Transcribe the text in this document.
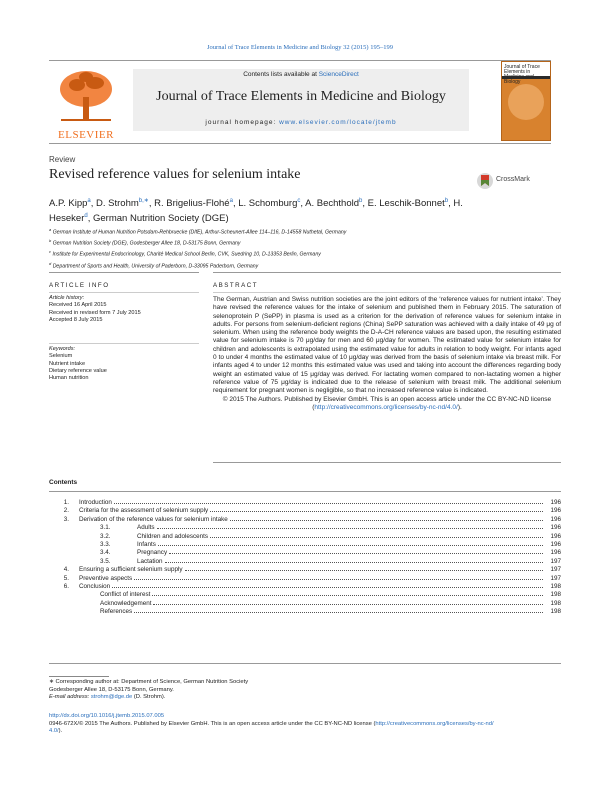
Journal of Trace Elements in Medicine and Biology 32 (2015) 195–199
ELSEVIER
Contents lists available at ScienceDirect
Journal of Trace Elements in Medicine and Biology
journal homepage: www.elsevier.com/locate/jtemb
Journal of Trace Elements in Biology
Review
Revised reference values for selenium intake	CrossMark
A.P. Kipp$^a$, D. Strohm$^{b,∗}$, R. Brigelius-Flohé$^a$, L. Schomburg$^c$, A. Bechthold$^b$, E. Leschik-Bonnet$^b$, H. Heseker$^d$, German Nutrition Society (DGE)
$^a$ German Institute of Human Nutrition Potsdam-Rehbruecke (DIfE), Arthur-Scheunert-Allee 114–116, D-14558 Nuthetal, Germany
$^b$ German Nutrition Society (DGE), Godesberger Allee 18, D-53175 Bonn, Germany
$^c$ Institute for Experimental Endocrinology, Charité Medical School Berlin, CVK, Suedring 10, D-13353 Berlin, Germany
$^d$ Department of Sports and Health, University of Paderborn, D-33095 Paderborn, Germany
ARTICLE INFO	ABSTRACT
Article history:
Received 16 April 2015
Received in revised form 7 July 2015
Accepted 8 July 2015
Keywords:
Selenium
Nutrient intake
Dietary reference value
Human nutrition
The German, Austrian and Swiss nutrition societies are the joint editors of the ‘reference values for nutrient intake’. They have revised the reference values for the intake of selenium and published them in February 2015. The saturation of selenoprotein P (SePP) in plasma is used as a criterion for the derivation of reference values for selenium intake in adults. For persons from selenium-deficient regions (China) SePP saturation was achieved with a daily intake of 49 μg of selenium. When using the reference body weights the D-A-CH reference values are based upon, the resulting estimated value for selenium intake is 70 μg/day for men and 60 μg/day for women. The estimated value for selenium intake for children and adolescents is extrapolated using the estimated value for adults in relation to body weight. For infants aged 0 to under 4 months the estimated value of 10 μg/day was derived from the basis of selenium intake via breast milk. For infants aged 4 to under 12 months this estimated value was used and taking into account the differences regarding body weight an estimated value of 15 μg/day was derived. For lactating women compared to non-lactating women a higher reference value of 75 μg/day is indicated due to the release of selenium with breast milk. The additional selenium requirement for pregnant women is negligible, so that no increased reference value is indicated.
© 2015 The Authors. Published by Elsevier GmbH. This is an open access article under the CC BY-NC-ND license (http://creativecommons.org/licenses/by-nc-nd/4.0/).
Contents
1.	Introduction	196
2.	Criteria for the assessment of selenium supply	196
3.	Derivation of the reference values for selenium intake	196
3.1.	Adults	196
3.2.	Children and adolescents	196
3.3.	Infants	196
3.4.	Pregnancy	196
3.5.	Lactation	197
4.	Ensuring a sufficient selenium supply	197
5.	Preventive aspects	197
6.	Conclusion	198
Conflict of interest	198
Acknowledgement	198
References	198
∗ Corresponding author at: Department of Science, German Nutrition Society
Godesberger Allee 18, D-53175 Bonn, Germany.
E-mail address: strohm@dge.de (D. Strohm).
http://dx.doi.org/10.1016/j.jtemb.2015.07.005
0946-672X/© 2015 The Authors. Published by Elsevier GmbH. This is an open access article under the CC BY-NC-ND license (http://creativecommons.org/licenses/by-nc-nd/
4.0/).
